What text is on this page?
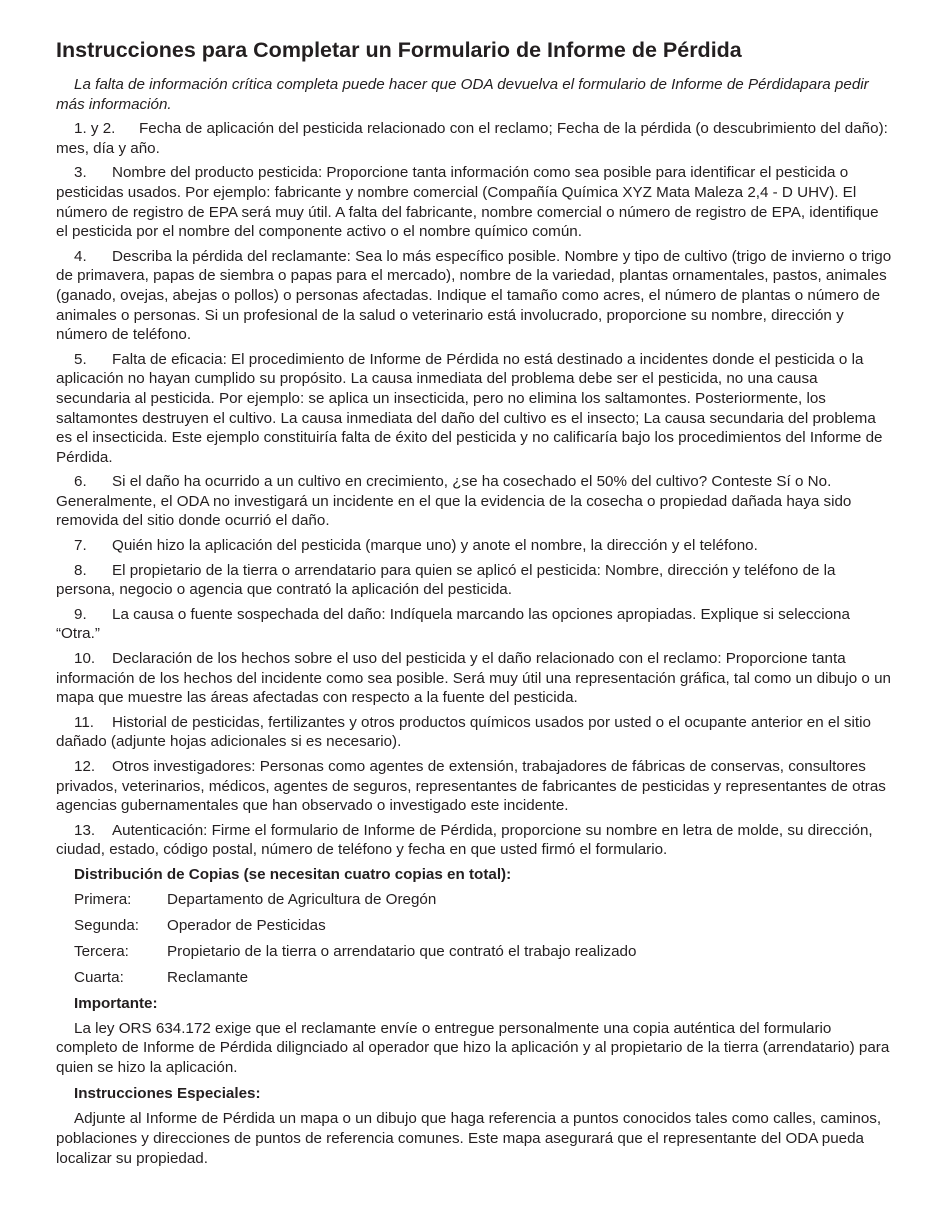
Instrucciones para Completar un Formulario de Informe de Pérdida

La falta de información crítica completa puede hacer que ODA devuelva el formulario de Informe de Pérdidapara pedir más información.

1. y 2. Fecha de aplicación del pesticida relacionado con el reclamo; Fecha de la pérdida (o descubrimiento del daño): mes, día y año.

3. Nombre del producto pesticida: Proporcione tanta información como sea posible para identificar el pesticida o pesticidas usados. Por ejemplo: fabricante y nombre comercial (Compañía Química XYZ Mata Maleza 2,4 - D UHV). El número de registro de EPA será muy útil. A falta del fabricante, nombre comercial o número de registro de EPA, identifique el pesticida por el nombre del componente activo o el nombre químico común.

4. Describa la pérdida del reclamante: Sea lo más específico posible. Nombre y tipo de cultivo (trigo de invierno o trigo de primavera, papas de siembra o papas para el mercado), nombre de la variedad, plantas ornamentales, pastos, animales (ganado, ovejas, abejas o pollos) o personas afectadas. Indique el tamaño como acres, el número de plantas o número de animales o personas. Si un profesional de la salud o veterinario está involucrado, proporcione su nombre, dirección y número de teléfono.

5. Falta de eficacia: El procedimiento de Informe de Pérdida no está destinado a incidentes donde el pesticida o la aplicación no hayan cumplido su propósito. La causa inmediata del problema debe ser el pesticida, no una causa secundaria al pesticida. Por ejemplo: se aplica un insecticida, pero no elimina los saltamontes. Posteriormente, los saltamontes destruyen el cultivo. La causa inmediata del daño del cultivo es el insecto; La causa secundaria del problema es el insecticida. Este ejemplo constituiría falta de éxito del pesticida y no calificaría bajo los procedimientos del Informe de Pérdida.

6. Si el daño ha ocurrido a un cultivo en crecimiento, ¿se ha cosechado el 50% del cultivo? Conteste Sí o No. Generalmente, el ODA no investigará un incidente en el que la evidencia de la cosecha o propiedad dañada haya sido removida del sitio donde ocurrió el daño.

7. Quién hizo la aplicación del pesticida (marque uno) y anote el nombre, la dirección y el teléfono.

8. El propietario de la tierra o arrendatario para quien se aplicó el pesticida: Nombre, dirección y teléfono de la persona, negocio o agencia que contrató la aplicación del pesticida.

9. La causa o fuente sospechada del daño: Indíquela marcando las opciones apropiadas. Explique si selecciona “Otra.”

10. Declaración de los hechos sobre el uso del pesticida y el daño relacionado con el reclamo: Proporcione tanta información de los hechos del incidente como sea posible. Será muy útil una representación gráfica, tal como un dibujo o un mapa que muestre las áreas afectadas con respecto a la fuente del pesticida.

11. Historial de pesticidas, fertilizantes y otros productos químicos usados por usted o el ocupante anterior en el sitio dañado (adjunte hojas adicionales si es necesario).

12. Otros investigadores: Personas como agentes de extensión, trabajadores de fábricas de conservas, consultores privados, veterinarios, médicos, agentes de seguros, representantes de fabricantes de pesticidas y representantes de otras agencias gubernamentales que han observado o investigado este incidente.

13. Autenticación: Firme el formulario de Informe de Pérdida, proporcione su nombre en letra de molde, su dirección, ciudad, estado, código postal, número de teléfono y fecha en que usted firmó el formulario.

Distribución de Copias (se necesitan cuatro copias en total):
Primera:	Departamento de Agricultura de Oregón
Segunda:	Operador de Pesticidas
Tercera:	Propietario de la tierra o arrendatario que contrató el trabajo realizado
Cuarta:	Reclamante
Importante:

La ley ORS 634.172 exige que el reclamante envíe o entregue personalmente una copia auténtica del formulario completo de Informe de Pérdida dilignciado al operador que hizo la aplicación y al propietario de la tierra (arrendatario) para quien se hizo la aplicación.

Instrucciones Especiales:

Adjunte al Informe de Pérdida un mapa o un dibujo que haga referencia a puntos conocidos tales como calles, caminos, poblaciones y direcciones de puntos de referencia comunes. Este mapa asegurará que el representante del ODA pueda localizar su propiedad.
